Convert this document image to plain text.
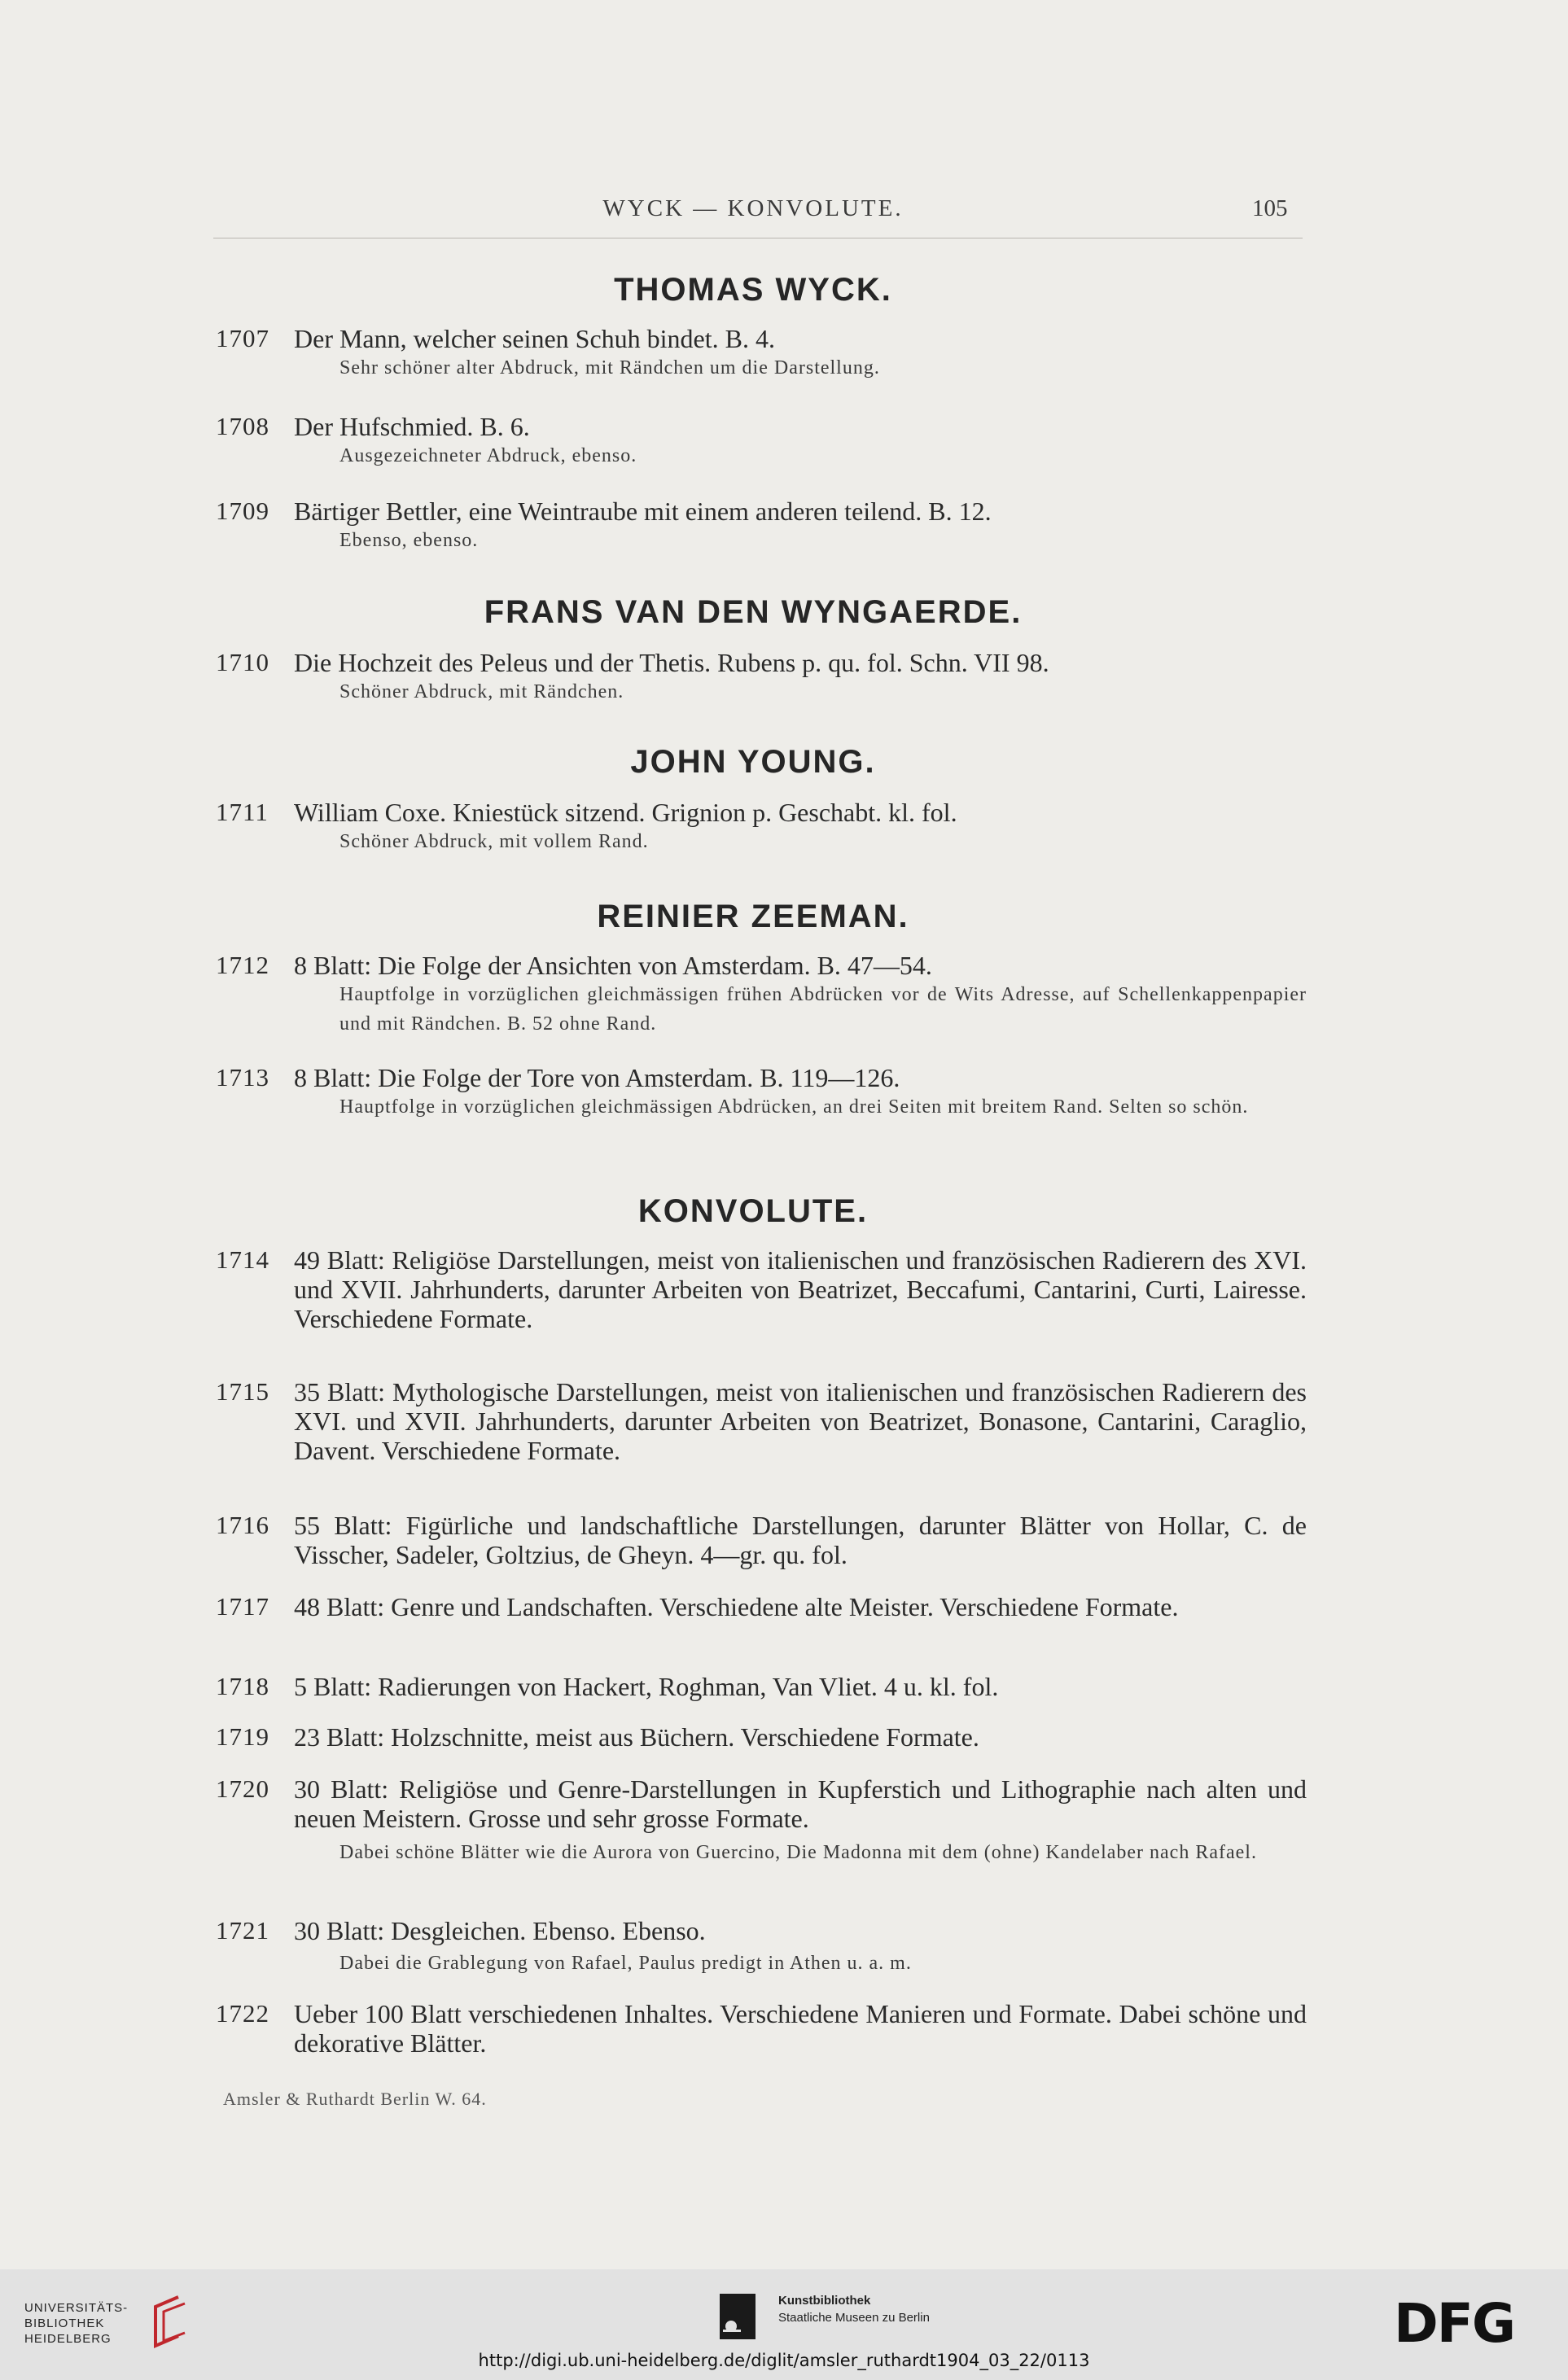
WYCK — KONVOLUTE.	105
THOMAS WYCK.
1707 Der Mann, welcher seinen Schuh bindet. B. 4.
Sehr schöner alter Abdruck, mit Rändchen um die Darstellung.
1708 Der Hufschmied. B. 6.
Ausgezeichneter Abdruck, ebenso.
1709 Bärtiger Bettler, eine Weintraube mit einem anderen teilend. B. 12.
Ebenso, ebenso.
FRANS VAN DEN WYNGAERDE.
1710 Die Hochzeit des Peleus und der Thetis. Rubens p. qu. fol. Schn. VII 98.
Schöner Abdruck, mit Rändchen.
JOHN YOUNG.
1711 William Coxe. Kniestück sitzend. Grignion p. Geschabt. kl. fol.
Schöner Abdruck, mit vollem Rand.
REINIER ZEEMAN.
1712 8 Blatt: Die Folge der Ansichten von Amsterdam. B. 47—54.
Hauptfolge in vorzüglichen gleichmässigen frühen Abdrücken vor de Wits Adresse, auf Schellenkappenpapier und mit Rändchen. B. 52 ohne Rand.
1713 8 Blatt: Die Folge der Tore von Amsterdam. B. 119—126.
Hauptfolge in vorzüglichen gleichmässigen Abdrücken, an drei Seiten mit breitem Rand. Selten so schön.
KONVOLUTE.
1714 49 Blatt: Religiöse Darstellungen, meist von italienischen und französischen Radierern des XVI. und XVII. Jahrhunderts, darunter Arbeiten von Beatrizet, Beccafumi, Cantarini, Curti, Lairesse. Verschiedene Formate.
1715 35 Blatt: Mythologische Darstellungen, meist von italienischen und französischen Radierern des XVI. und XVII. Jahrhunderts, darunter Arbeiten von Beatrizet, Bonasone, Cantarini, Caraglio, Davent. Verschiedene Formate.
1716 55 Blatt: Figürliche und landschaftliche Darstellungen, darunter Blätter von Hollar, C. de Visscher, Sadeler, Goltzius, de Gheyn. 4—gr. qu. fol.
1717 48 Blatt: Genre und Landschaften. Verschiedene alte Meister. Verschiedene Formate.
1718 5 Blatt: Radierungen von Hackert, Roghman, Van Vliet. 4 u. kl. fol.
1719 23 Blatt: Holzschnitte, meist aus Büchern. Verschiedene Formate.
1720 30 Blatt: Religiöse und Genre-Darstellungen in Kupferstich und Lithographie nach alten und neuen Meistern. Grosse und sehr grosse Formate.
Dabei schöne Blätter wie die Aurora von Guercino, Die Madonna mit dem (ohne) Kandelaber nach Rafael.
1721 30 Blatt: Desgleichen. Ebenso. Ebenso.
Dabei die Grablegung von Rafael, Paulus predigt in Athen u. a. m.
1722 Ueber 100 Blatt verschiedenen Inhaltes. Verschiedene Manieren und Formate. Dabei schöne und dekorative Blätter.
Amsler & Ruthardt Berlin W. 64.
UNIVERSITÄTS-
BIBLIOTHEK
HEIDELBERG
Kunstbibliothek
Staatliche Museen zu Berlin	DFG
http://digi.ub.uni-heidelberg.de/diglit/amsler_ruthardt1904_03_22/0113
